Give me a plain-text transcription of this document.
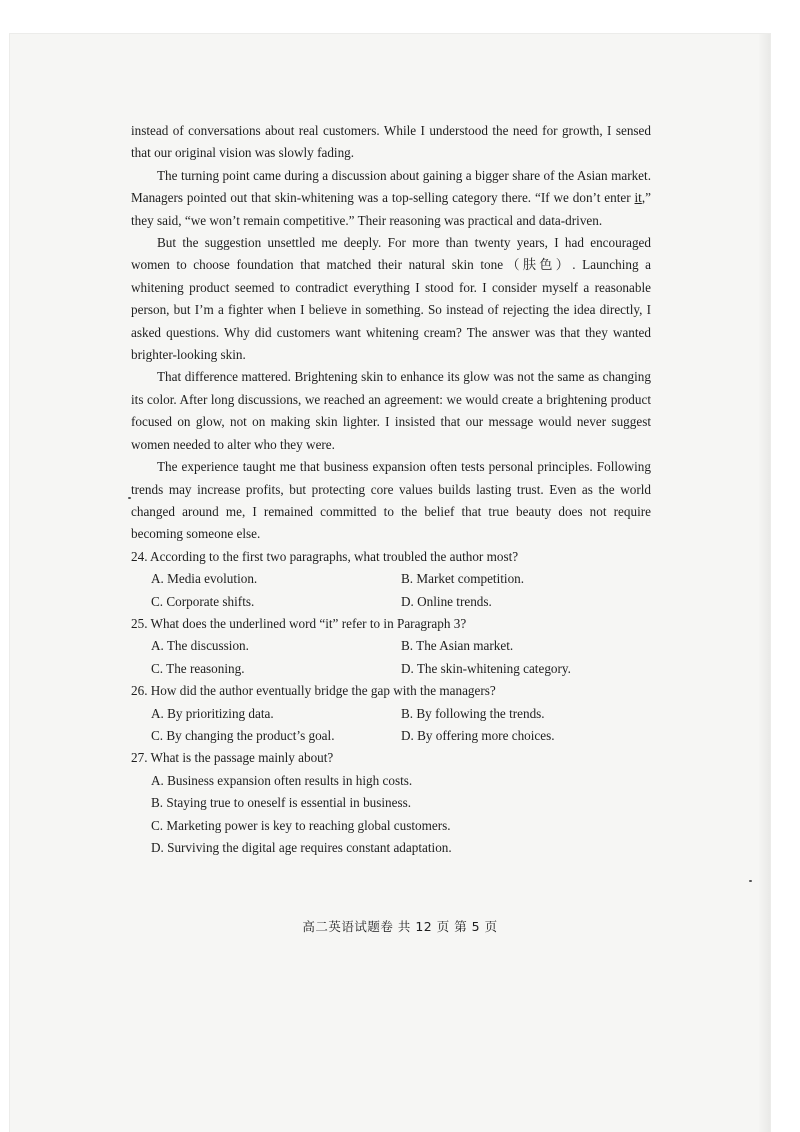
instead of conversations about real customers. While I understood the need for growth, I sensed that our original vision was slowly fading.

The turning point came during a discussion about gaining a bigger share of the Asian market. Managers pointed out that skin-whitening was a top-selling category there. “If we don’t enter it,” they said, “we won’t remain competitive.” Their reasoning was practical and data-driven.

But the suggestion unsettled me deeply. For more than twenty years, I had encouraged women to choose foundation that matched their natural skin tone（肤色）. Launching a whitening product seemed to contradict everything I stood for. I consider myself a reasonable person, but I’m a fighter when I believe in something. So instead of rejecting the idea directly, I asked questions. Why did customers want whitening cream? The answer was that they wanted brighter-looking skin.

That difference mattered. Brightening skin to enhance its glow was not the same as changing its color. After long discussions, we reached an agreement: we would create a brightening product focused on glow, not on making skin lighter. I insisted that our message would never suggest women needed to alter who they were.

The experience taught me that business expansion often tests personal principles. Following trends may increase profits, but protecting core values builds lasting trust. Even as the world changed around me, I remained committed to the belief that true beauty does not require becoming someone else.

24. According to the first two paragraphs, what troubled the author most?

A. Media evolution.	B. Market competition.
C. Corporate shifts.	D. Online trends.

25. What does the underlined word “it” refer to in Paragraph 3?

A. The discussion.	B. The Asian market.
C. The reasoning.	D. The skin-whitening category.

26. How did the author eventually bridge the gap with the managers?

A. By prioritizing data.	B. By following the trends.
C. By changing the product’s goal.	D. By offering more choices.

27. What is the passage mainly about?

A. Business expansion often results in high costs.
B. Staying true to oneself is essential in business.
C. Marketing power is key to reaching global customers.
D. Surviving the digital age requires constant adaptation.
高二英语试题卷 共 12 页 第 5 页
